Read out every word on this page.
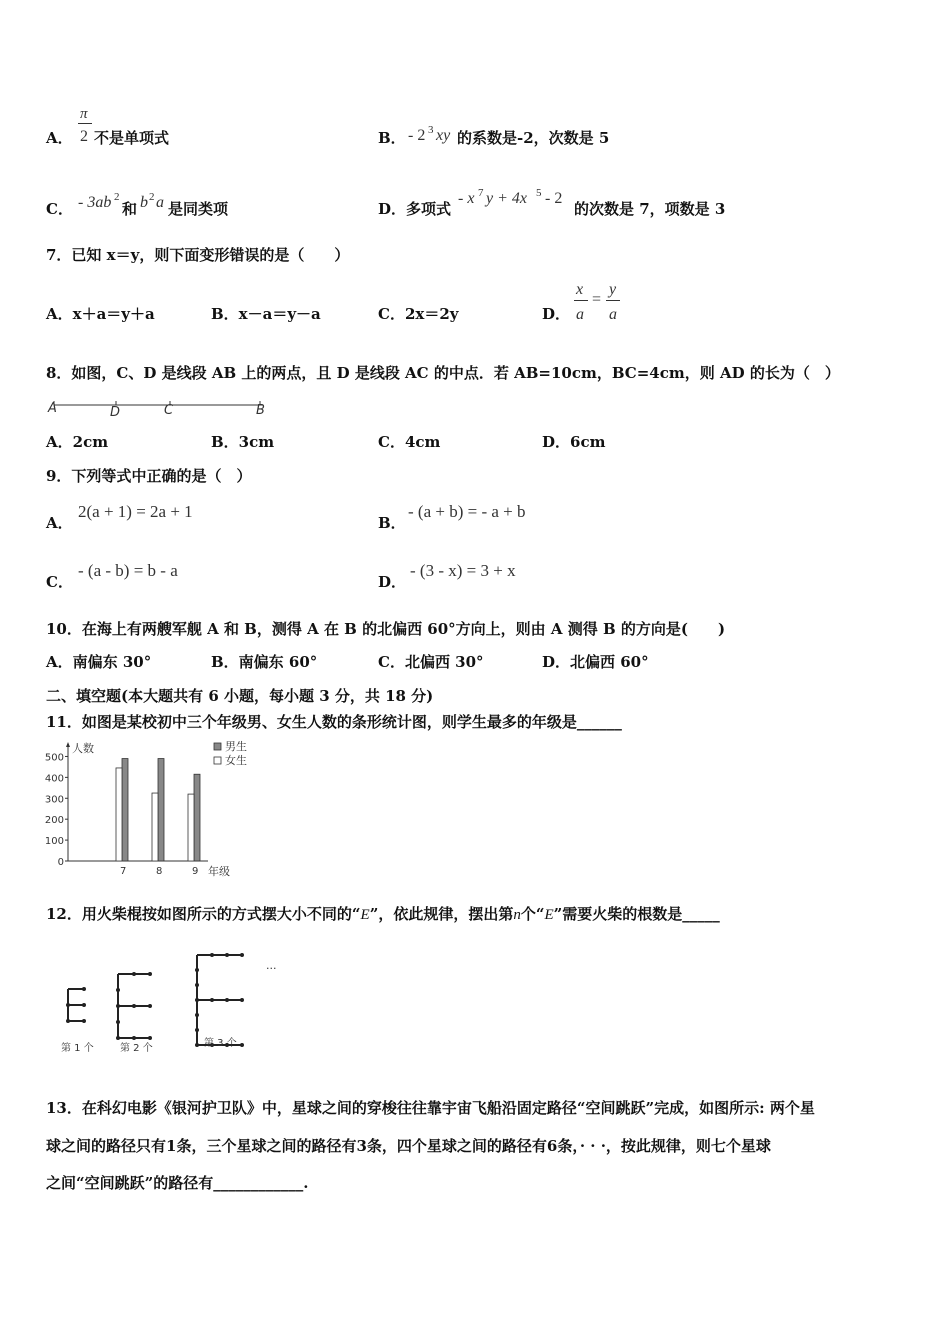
A．
π
2 不是单项式	B． - 2 3 xy 的系数是-2，次数是 5
C． - 3ab 2
和 b 2 a 是同类项	D．多项式
- x 7 y + 4x 5 - 2
的次数是 7，项数是 3
7．已知 x＝y，则下面变形错误的是（　　）
A．x＋a＝y＋a	B．x－a＝y－a	C．2x＝2y	D．
x
a
=
y
a
8．如图，C、D 是线段 AB 上的两点，且 D 是线段 AC 的中点．若 AB=10cm，BC=4cm，则 AD 的长为（　）
A	D	C	B
A．2cm	B．3cm	C．4cm	D．6cm
9．下列等式中正确的是（　）
A．
2(a + 1) = 2a + 1
B．
- (a + b) = - a + b
C．
- (a - b) = b - a
D．
- (3 - x) = 3 + x
10．在海上有两艘军舰 A 和 B，测得 A 在 B 的北偏西 60°方向上，则由 A 测得 B 的方向是(　　)
A．南偏东 30°	B．南偏东 60°	C．北偏西 30°	D．北偏西 60°
二、填空题(本大题共有 6 小题，每小题 3 分，共 18 分)
11．如图是某校初中三个年级男、女生人数的条形统计图，则学生最多的年级是______
0
100
200
300
400
500
人数
年级
7	8	9
男生
女生
12．用火柴棍按如图所示的方式摆大小不同的“E”，依此规律，摆出第n个“E”需要火柴的根数是_____
第 1 个	第 2 个	第 3 个
...
13．在科幻电影《银河护卫队》中，星球之间的穿梭往往靠宇宙飞船沿固定路径“空间跳跃”完成，如图所示: 两个星
球之间的路径只有1条，三个星球之间的路径有3条，四个星球之间的路径有6条，· · ·，按此规律，则七个星球
之间“空间跳跃”的路径有____________.
